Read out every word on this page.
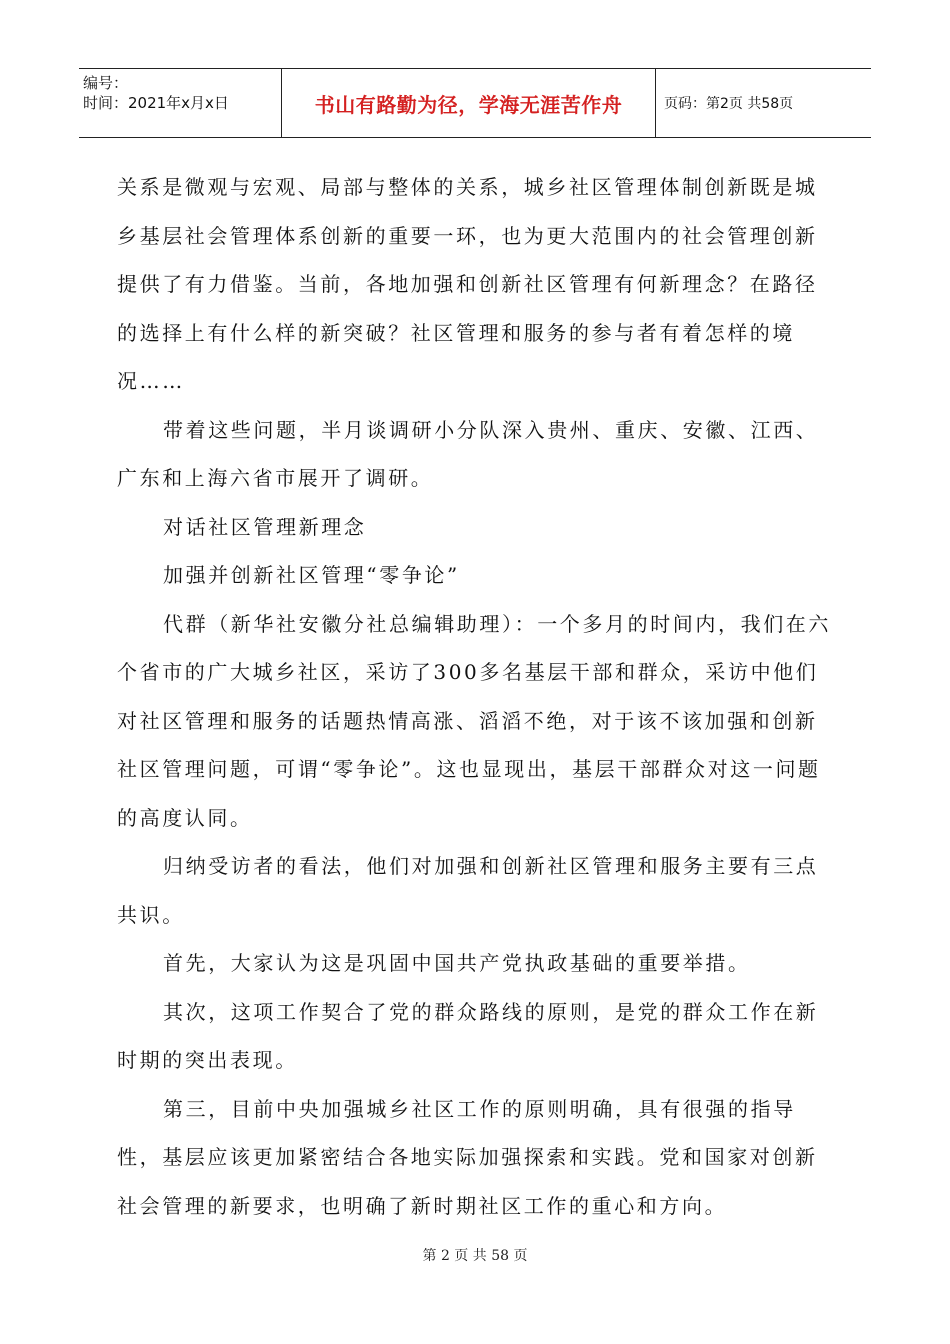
编号：
时间：2021年x月x日	书山有路勤为径，学海无涯苦作舟	页码：第2页 共58页

关系是微观与宏观、局部与整体的关系，城乡社区管理体制创新既是城乡基层社会管理体系创新的重要一环，也为更大范围内的社会管理创新提供了有力借鉴。当前，各地加强和创新社区管理有何新理念？在路径的选择上有什么样的新突破？社区管理和服务的参与者有着怎样的境况……

带着这些问题，半月谈调研小分队深入贵州、重庆、安徽、江西、广东和上海六省市展开了调研。

对话社区管理新理念

加强并创新社区管理“零争论”

代群（新华社安徽分社总编辑助理）：一个多月的时间内，我们在六个省市的广大城乡社区，采访了300多名基层干部和群众，采访中他们对社区管理和服务的话题热情高涨、滔滔不绝，对于该不该加强和创新社区管理问题，可谓“零争论”。这也显现出，基层干部群众对这一问题的高度认同。

归纳受访者的看法，他们对加强和创新社区管理和服务主要有三点共识。

首先，大家认为这是巩固中国共产党执政基础的重要举措。

其次，这项工作契合了党的群众路线的原则，是党的群众工作在新时期的突出表现。

第三，目前中央加强城乡社区工作的原则明确，具有很强的指导性，基层应该更加紧密结合各地实际加强探索和实践。党和国家对创新社会管理的新要求，也明确了新时期社区工作的重心和方向。

第 2 页 共 58 页
